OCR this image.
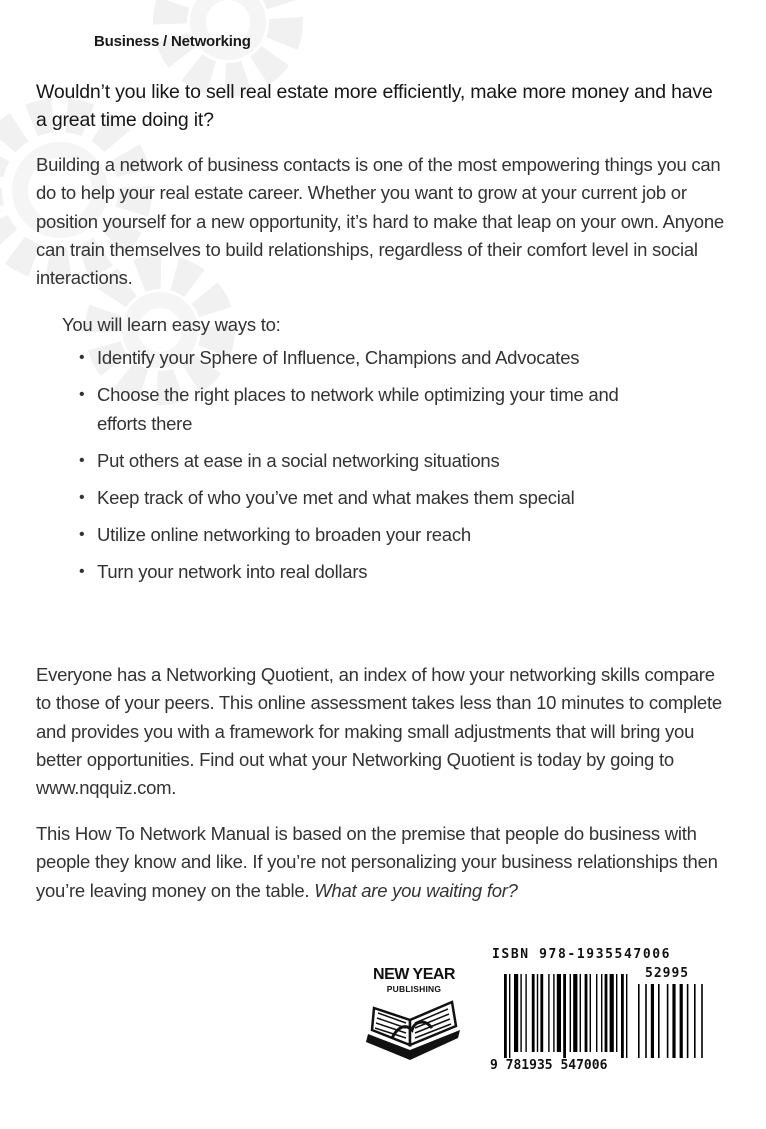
Business / Networking
Wouldn’t you like to sell real estate more efficiently, make more money and have a great time doing it?

Building a network of business contacts is one of the most empowering things you can do to help your real estate career. Whether you want to grow at your current job or position yourself for a new opportunity, it’s hard to make that leap on your own. Anyone can train themselves to build relationships, regardless of their comfort level in social interactions.

You will learn easy ways to:
• Identify your Sphere of Influence, Champions and Advocates
• Choose the right places to network while optimizing your time and efforts there
• Put others at ease in a social networking situations
• Keep track of who you’ve met and what makes them special
• Utilize online networking to broaden your reach
• Turn your network into real dollars

Everyone has a Networking Quotient, an index of how your networking skills compare to those of your peers. This online assessment takes less than 10 minutes to complete and provides you with a framework for making small adjustments that will bring you better opportunities. Find out what your Networking Quotient is today by going to www.nqquiz.com.

This How To Network Manual is based on the premise that people do business with people they know and like. If you’re not personalizing your business relationships then you’re leaving money on the table. What are you waiting for?

NEW YEAR
PUBLISHING
ISBN 978-1935547006
52995
9 781935 547006
